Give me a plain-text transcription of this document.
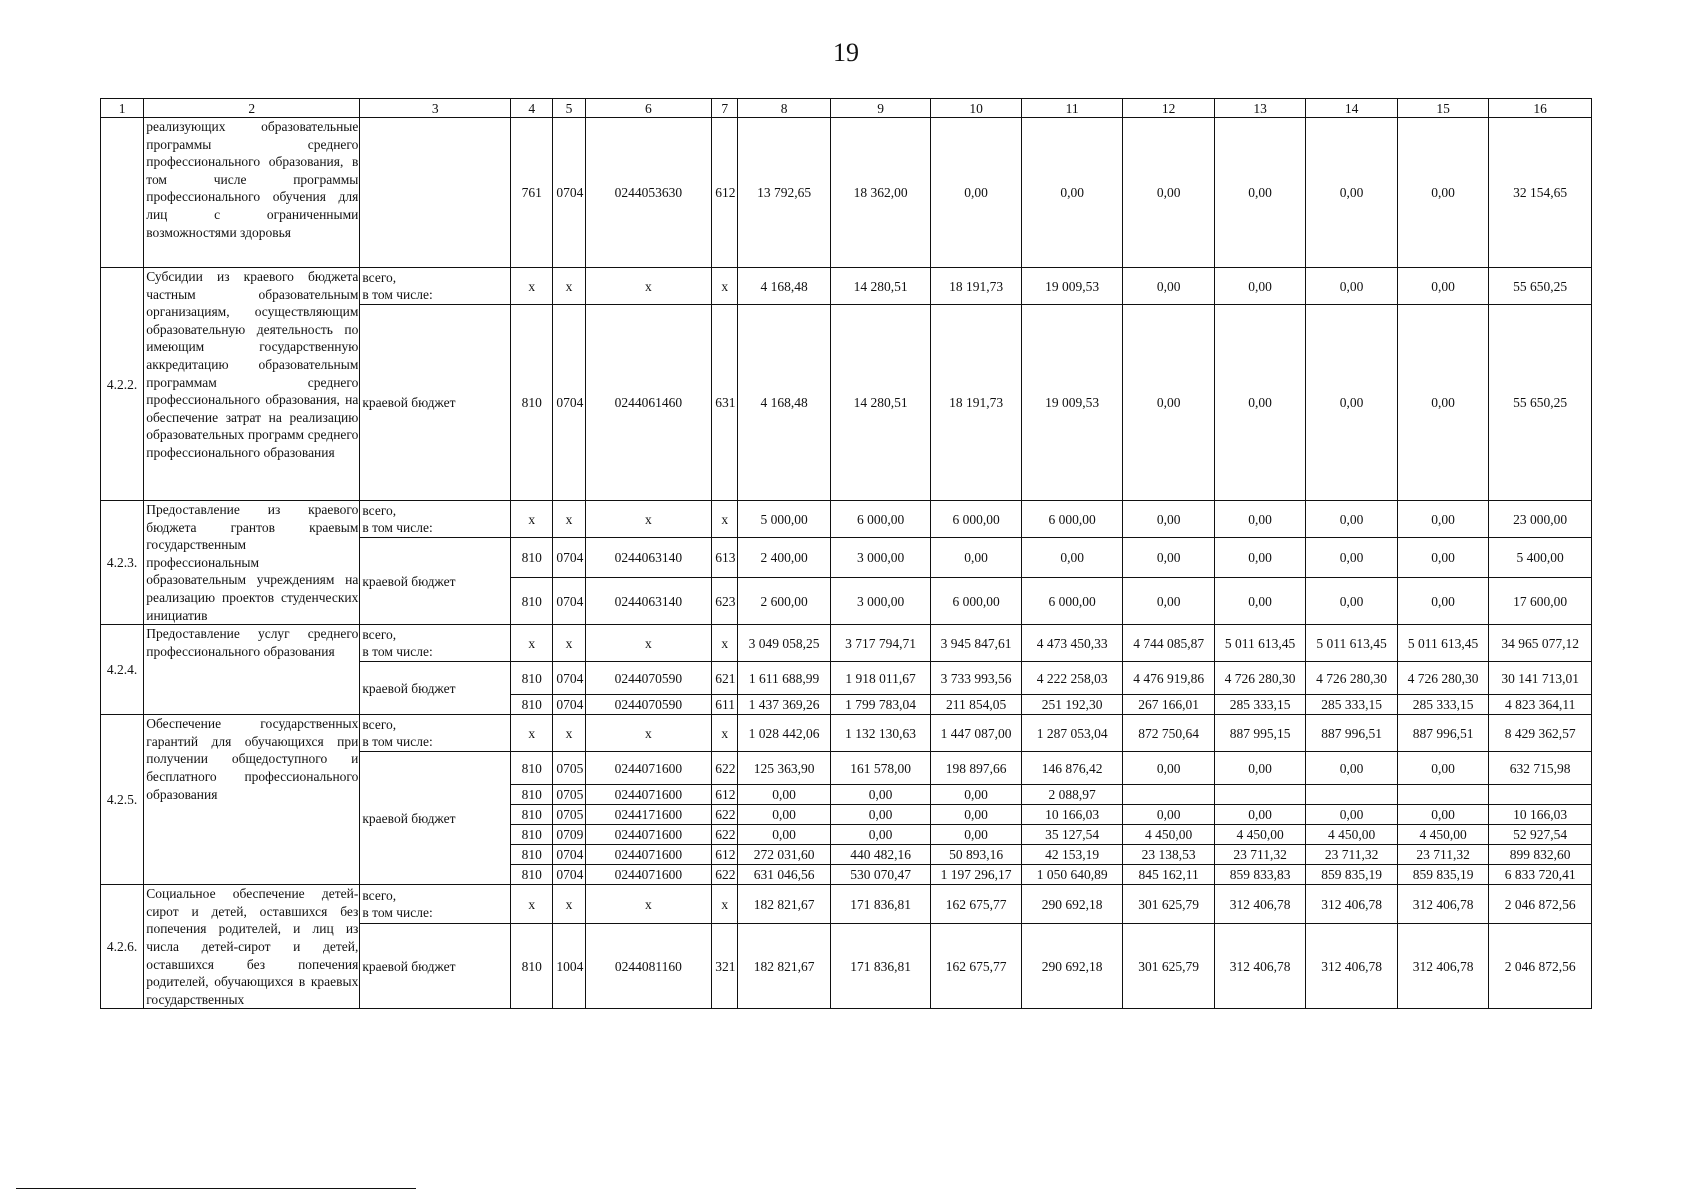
19
1	2	3	4	5	6	7	8	9	10	11	12	13	14	15	16
	реализующих образовательные программы среднего профессионального образования, в том числе программы профессионального обучения для лиц с ограниченными возможностями здоровья		761	0704	0244053630	612	13 792,65	18 362,00	0,00	0,00	0,00	0,00	0,00	0,00	32 154,65
4.2.2.	Субсидии из краевого бюджета частным образовательным организациям, осуществляющим образовательную деятельность по имеющим государственную аккредитацию образовательным программам среднего профессионального образования, на обеспечение затрат на реализацию образовательных программ среднего профессионального образования	всего,
в том числе:	х	х	х	х	4 168,48	14 280,51	18 191,73	19 009,53	0,00	0,00	0,00	0,00	55 650,25
		краевой бюджет	810	0704	0244061460	631	4 168,48	14 280,51	18 191,73	19 009,53	0,00	0,00	0,00	0,00	55 650,25
4.2.3.	Предоставление из краевого бюджета грантов краевым государственным профессиональным образовательным учреждениям на реализацию проектов студенческих инициатив	всего,
в том числе:	х	х	х	х	5 000,00	6 000,00	6 000,00	6 000,00	0,00	0,00	0,00	0,00	23 000,00
		краевой бюджет	810	0704	0244063140	613	2 400,00	3 000,00	0,00	0,00	0,00	0,00	0,00	0,00	5 400,00
			810	0704	0244063140	623	2 600,00	3 000,00	6 000,00	6 000,00	0,00	0,00	0,00	0,00	17 600,00
4.2.4.	Предоставление услуг среднего профессионального образования	всего,
в том числе:	х	х	х	х	3 049 058,25	3 717 794,71	3 945 847,61	4 473 450,33	4 744 085,87	5 011 613,45	5 011 613,45	5 011 613,45	34 965 077,12
		краевой бюджет	810	0704	0244070590	621	1 611 688,99	1 918 011,67	3 733 993,56	4 222 258,03	4 476 919,86	4 726 280,30	4 726 280,30	4 726 280,30	30 141 713,01
			810	0704	0244070590	611	1 437 369,26	1 799 783,04	211 854,05	251 192,30	267 166,01	285 333,15	285 333,15	285 333,15	4 823 364,11
4.2.5.	Обеспечение государственных гарантий для обучающихся при получении общедоступного и бесплатного профессионального образования	всего,
в том числе:	х	х	х	х	1 028 442,06	1 132 130,63	1 447 087,00	1 287 053,04	872 750,64	887 995,15	887 996,51	887 996,51	8 429 362,57
		краевой бюджет	810	0705	0244071600	622	125 363,90	161 578,00	198 897,66	146 876,42	0,00	0,00	0,00	0,00	632 715,98
			810	0705	0244071600	612	0,00	0,00	0,00	2 088,97					
			810	0705	0244171600	622	0,00	0,00	0,00	10 166,03	0,00	0,00	0,00	0,00	10 166,03
			810	0709	0244071600	622	0,00	0,00	0,00	35 127,54	4 450,00	4 450,00	4 450,00	4 450,00	52 927,54
			810	0704	0244071600	612	272 031,60	440 482,16	50 893,16	42 153,19	23 138,53	23 711,32	23 711,32	23 711,32	899 832,60
			810	0704	0244071600	622	631 046,56	530 070,47	1 197 296,17	1 050 640,89	845 162,11	859 833,83	859 835,19	859 835,19	6 833 720,41
4.2.6.	Социальное обеспечение детей-сирот и детей, оставшихся без попечения родителей, и лиц из числа детей-сирот и детей, оставшихся без попечения родителей, обучающихся в краевых государственных	всего,
в том числе:	х	х	х	х	182 821,67	171 836,81	162 675,77	290 692,18	301 625,79	312 406,78	312 406,78	312 406,78	2 046 872,56
		краевой бюджет	810	1004	0244081160	321	182 821,67	171 836,81	162 675,77	290 692,18	301 625,79	312 406,78	312 406,78	312 406,78	2 046 872,56
